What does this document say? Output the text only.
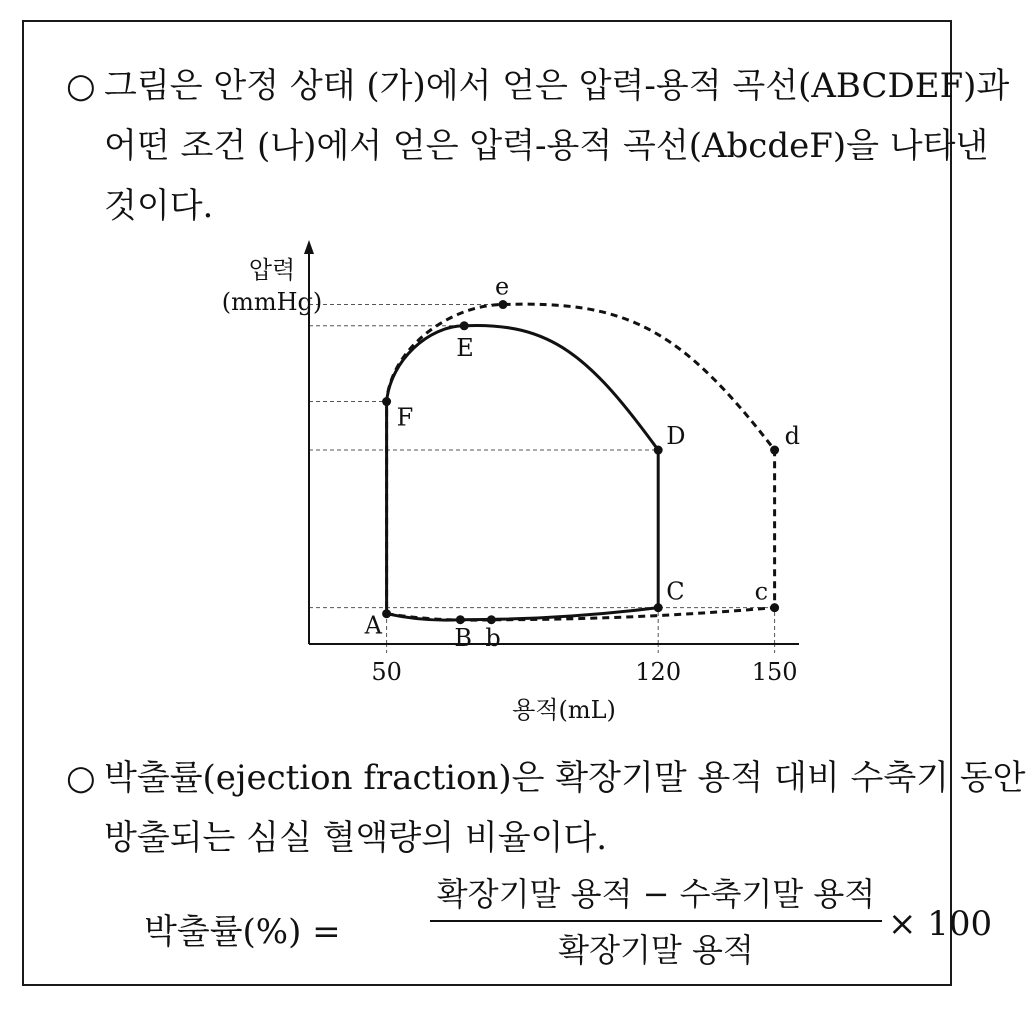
○ 그림은 안정 상태 (가)에서 얻은 압력-용적 곡선(ABCDEF)과
어떤 조건 (나)에서 얻은 압력-용적 곡선(AbcdeF)을 나타낸
것이다.
압력
(mmHg)
용적(mL)
50	120	150
A	B
C
D
E
F
b
c
d
e
○ 박출률(ejection fraction)은 확장기말 용적 대비 수축기 동안
방출되는 심실 혈액량의 비율이다.
박출률(%) =
확장기말 용적 − 수축기말 용적
확장기말 용적
× 100
